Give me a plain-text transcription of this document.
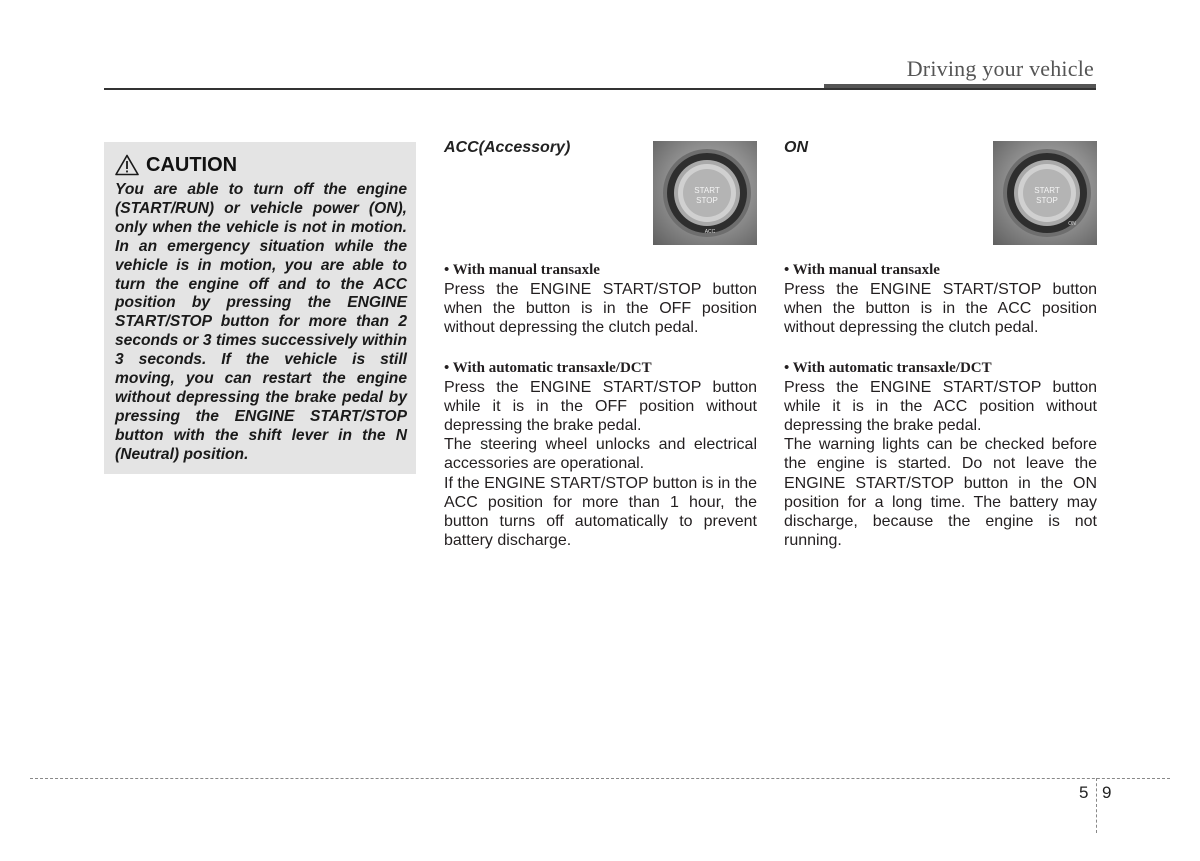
Driving your vehicle
CAUTION

You are able to turn off the engine (START/RUN) or vehicle power (ON), only when the vehicle is not in motion. In an emergency situation while the vehicle is in motion, you are able to turn the engine off and to the ACC position by pressing the ENGINE START/STOP button for more than 2 seconds or 3 times successively within 3 seconds. If the vehicle is still moving, you can restart the engine without depressing the brake pedal by pressing the ENGINE START/STOP button with the shift lever in the N (Neutral) position.

ACC(Accessory)
START
STOP
ACC
• With manual transaxle

Press the ENGINE START/STOP button when the button is in the OFF position without depressing the clutch pedal.

• With automatic transaxle/DCT

Press the ENGINE START/STOP button while it is in the OFF position without depressing the brake pedal.

The steering wheel unlocks and electrical accessories are operational.

If the ENGINE START/STOP button is in the ACC position for more than 1 hour, the button turns off automatically to prevent battery discharge.

ON
START
STOP
ON
• With manual transaxle

Press the ENGINE START/STOP button when the button is in the ACC position without depressing the clutch pedal.

• With automatic transaxle/DCT

Press the ENGINE START/STOP button while it is in the ACC position without depressing the brake pedal.

The warning lights can be checked before the engine is started. Do not leave the ENGINE START/STOP button in the ON position for a long time. The battery may discharge, because the engine is not running.

5 9
